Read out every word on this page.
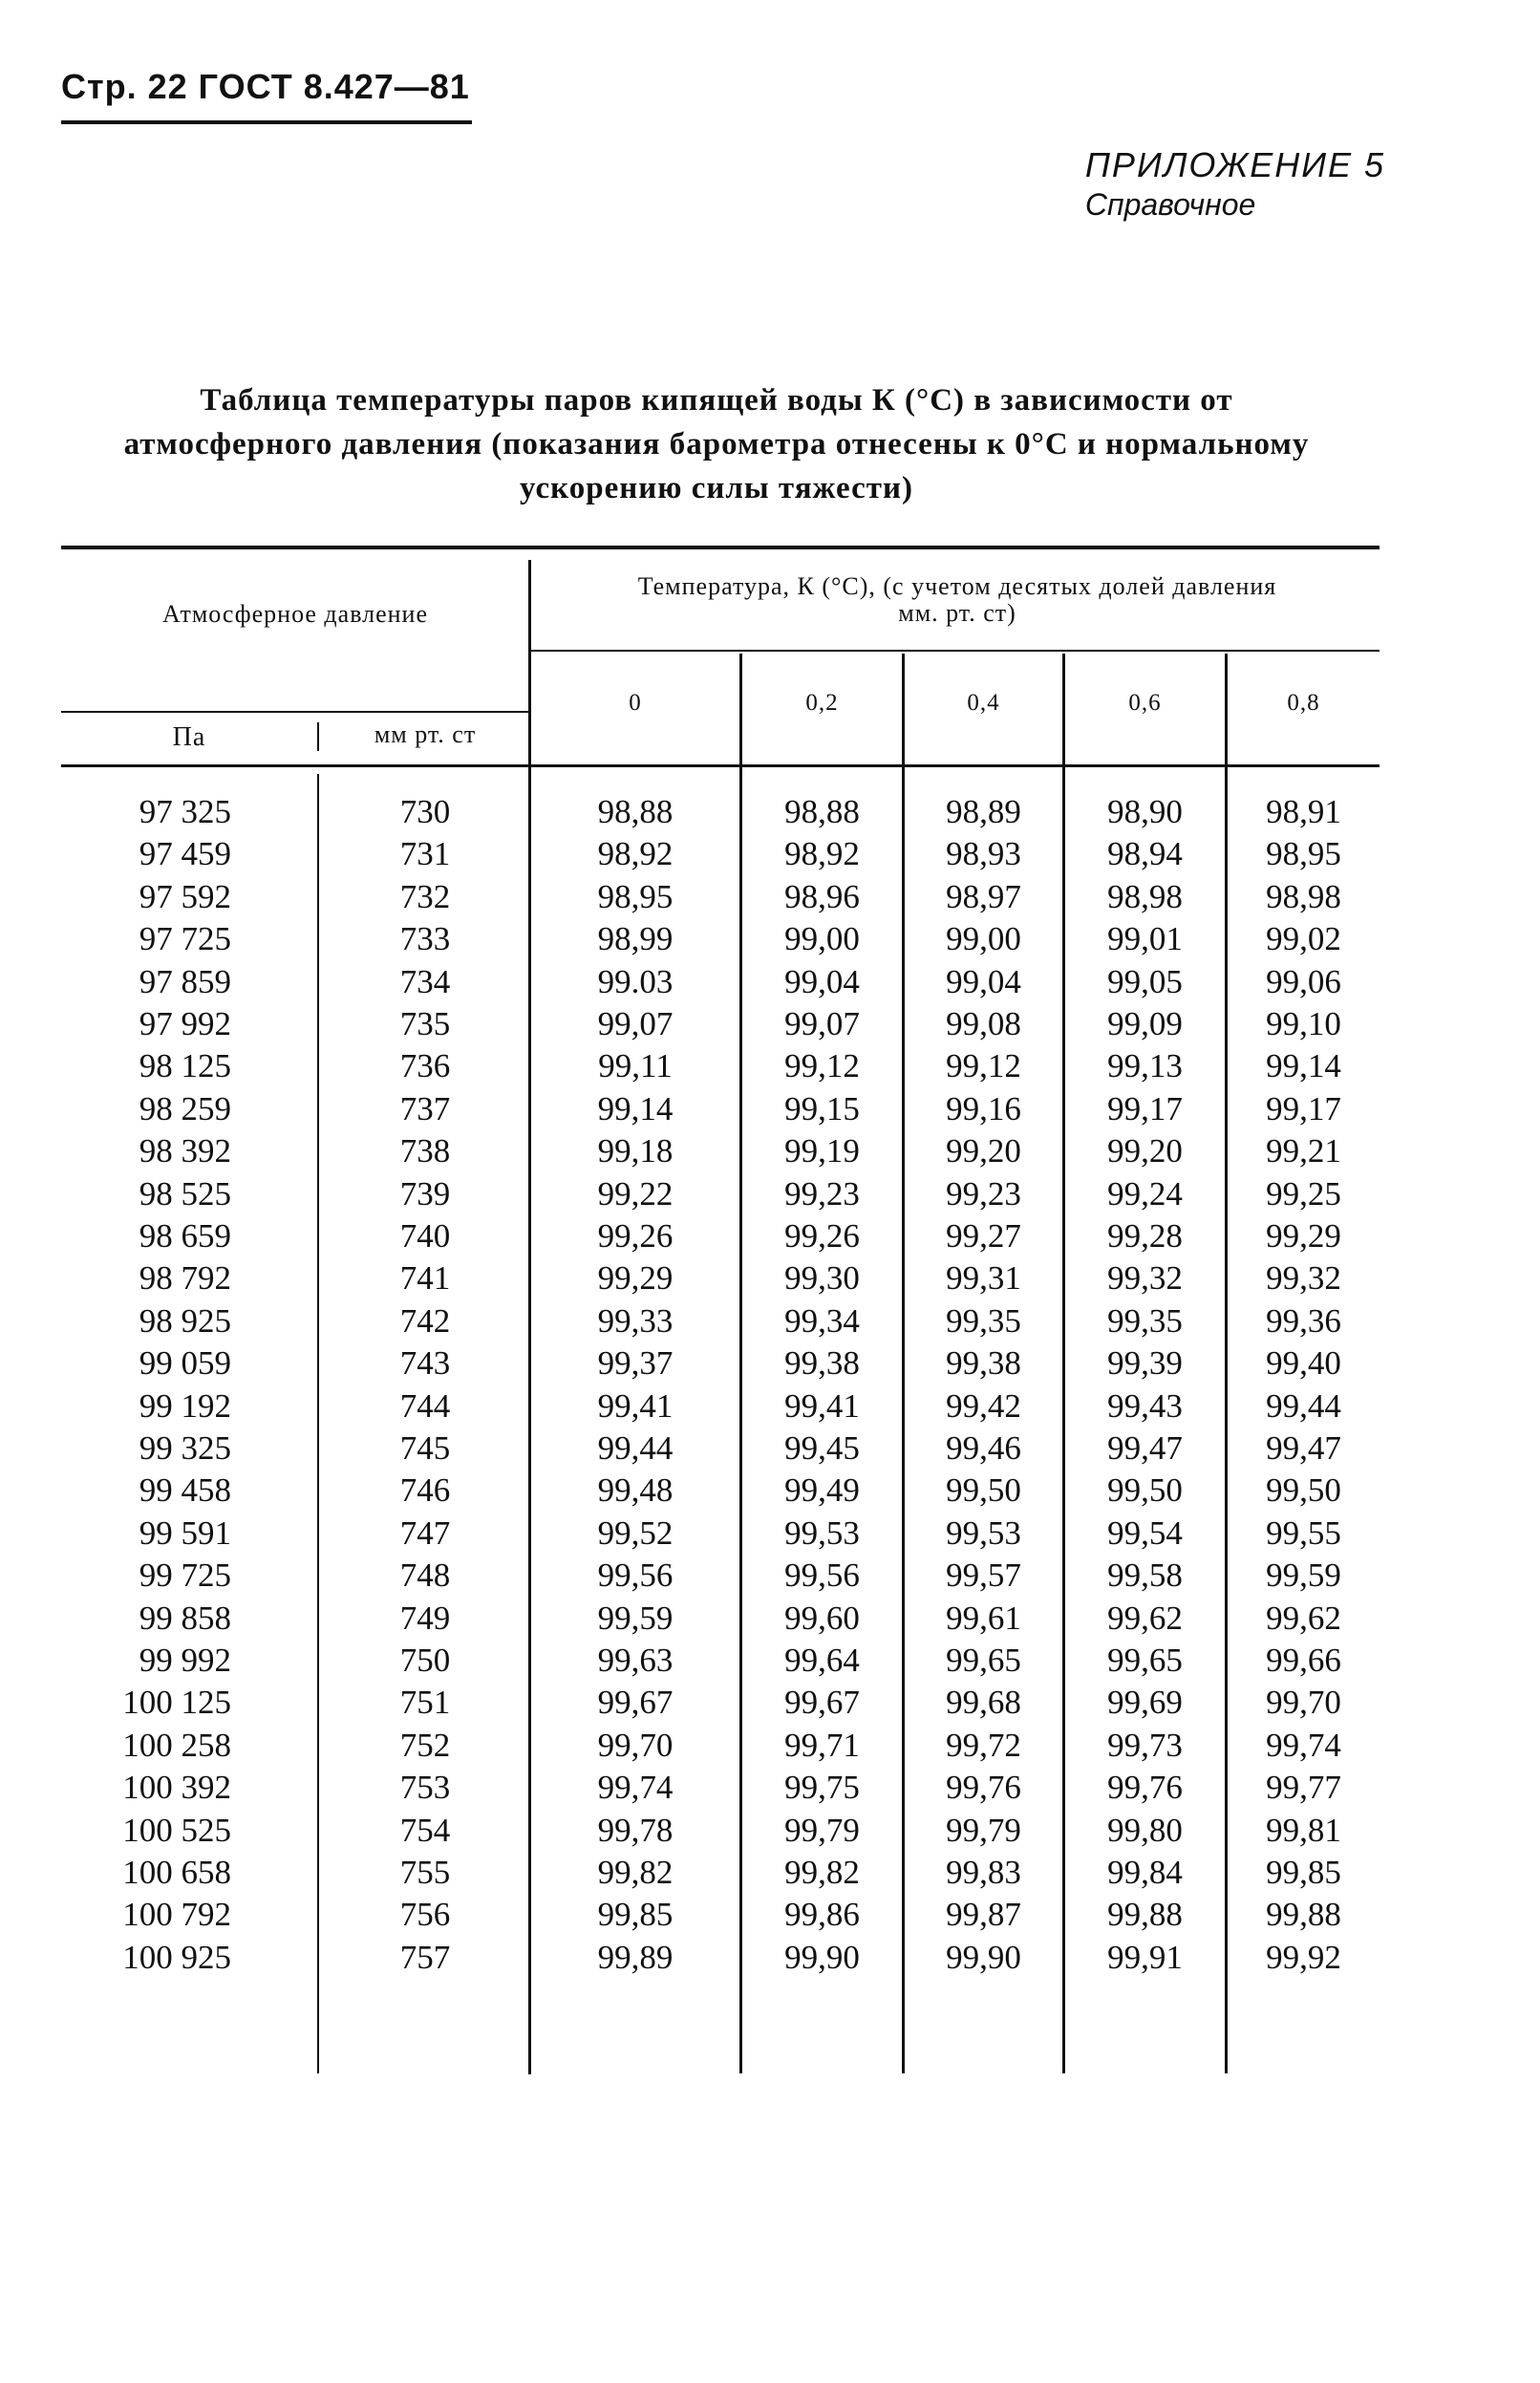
Стр. 22 ГОСТ 8.427—81
ПРИЛОЖЕНИЕ 5
Справочное
Таблица температуры паров кипящей воды К (°С) в зависимости от
атмосферного давления (показания барометра отнесены к 0°С и нормальному
ускорению силы тяжести)
Атмосферное давление
Температура, К (°С), (с учетом десятых долей давления
мм. рт. ст)
Па	мм рт. ст
0	0,2	0,4	0,6	0,8
97 325	730	98,88	98,88	98,89	98,90	98,91
97 459	731	98,92	98,92	98,93	98,94	98,95
97 592	732	98,95	98,96	98,97	98,98	98,98
97 725	733	98,99	99,00	99,00	99,01	99,02
97 859	734	99.03	99,04	99,04	99,05	99,06
97 992	735	99,07	99,07	99,08	99,09	99,10
98 125	736	99,11	99,12	99,12	99,13	99,14
98 259	737	99,14	99,15	99,16	99,17	99,17
98 392	738	99,18	99,19	99,20	99,20	99,21
98 525	739	99,22	99,23	99,23	99,24	99,25
98 659	740	99,26	99,26	99,27	99,28	99,29
98 792	741	99,29	99,30	99,31	99,32	99,32
98 925	742	99,33	99,34	99,35	99,35	99,36
99 059	743	99,37	99,38	99,38	99,39	99,40
99 192	744	99,41	99,41	99,42	99,43	99,44
99 325	745	99,44	99,45	99,46	99,47	99,47
99 458	746	99,48	99,49	99,50	99,50	99,50
99 591	747	99,52	99,53	99,53	99,54	99,55
99 725	748	99,56	99,56	99,57	99,58	99,59
99 858	749	99,59	99,60	99,61	99,62	99,62
99 992	750	99,63	99,64	99,65	99,65	99,66
100 125	751	99,67	99,67	99,68	99,69	99,70
100 258	752	99,70	99,71	99,72	99,73	99,74
100 392	753	99,74	99,75	99,76	99,76	99,77
100 525	754	99,78	99,79	99,79	99,80	99,81
100 658	755	99,82	99,82	99,83	99,84	99,85
100 792	756	99,85	99,86	99,87	99,88	99,88
100 925	757	99,89	99,90	99,90	99,91	99,92
